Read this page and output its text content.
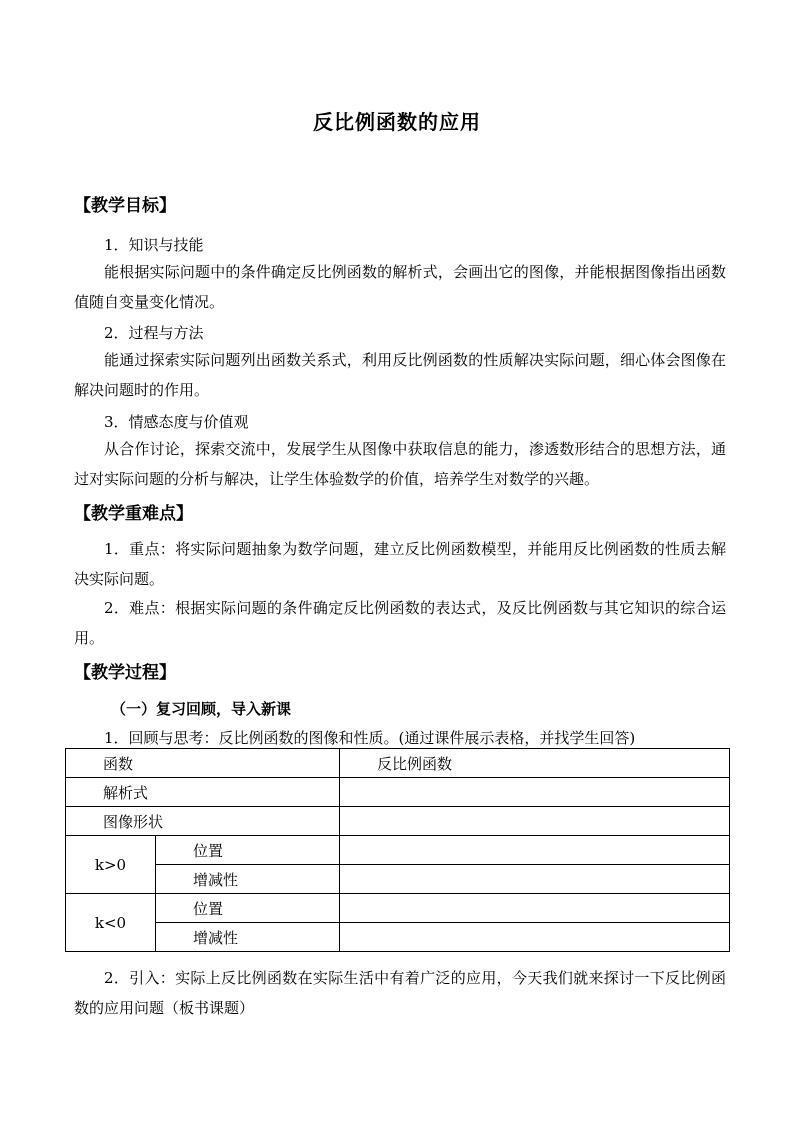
反比例函数的应用
【教学目标】
1．知识与技能

能根据实际问题中的条件确定反比例函数的解析式，会画出它的图像，并能根据图像指出函数值随自变量变化情况。

2．过程与方法

能通过探索实际问题列出函数关系式，利用反比例函数的性质解决实际问题，细心体会图像在解决问题时的作用。

3．情感态度与价值观

从合作讨论，探索交流中，发展学生从图像中获取信息的能力，渗透数形结合的思想方法，通过对实际问题的分析与解决，让学生体验数学的价值，培养学生对数学的兴趣。

【教学重难点】

1．重点：将实际问题抽象为数学问题，建立反比例函数模型，并能用反比例函数的性质去解决实际问题。

2．难点：根据实际问题的条件确定反比例函数的表达式，及反比例函数与其它知识的综合运用。

【教学过程】
（一）复习回顾，导入新课
1．回顾与思考：反比例函数的图像和性质。(通过课件展示表格，并找学生回答)
函数		反比例函数
解析式		
图像形状		
k>0	位置	
	增减性	
k<0	位置	
	增减性	

2．引入：实际上反比例函数在实际生活中有着广泛的应用，今天我们就来探讨一下反比例函数的应用问题（板书课题）
